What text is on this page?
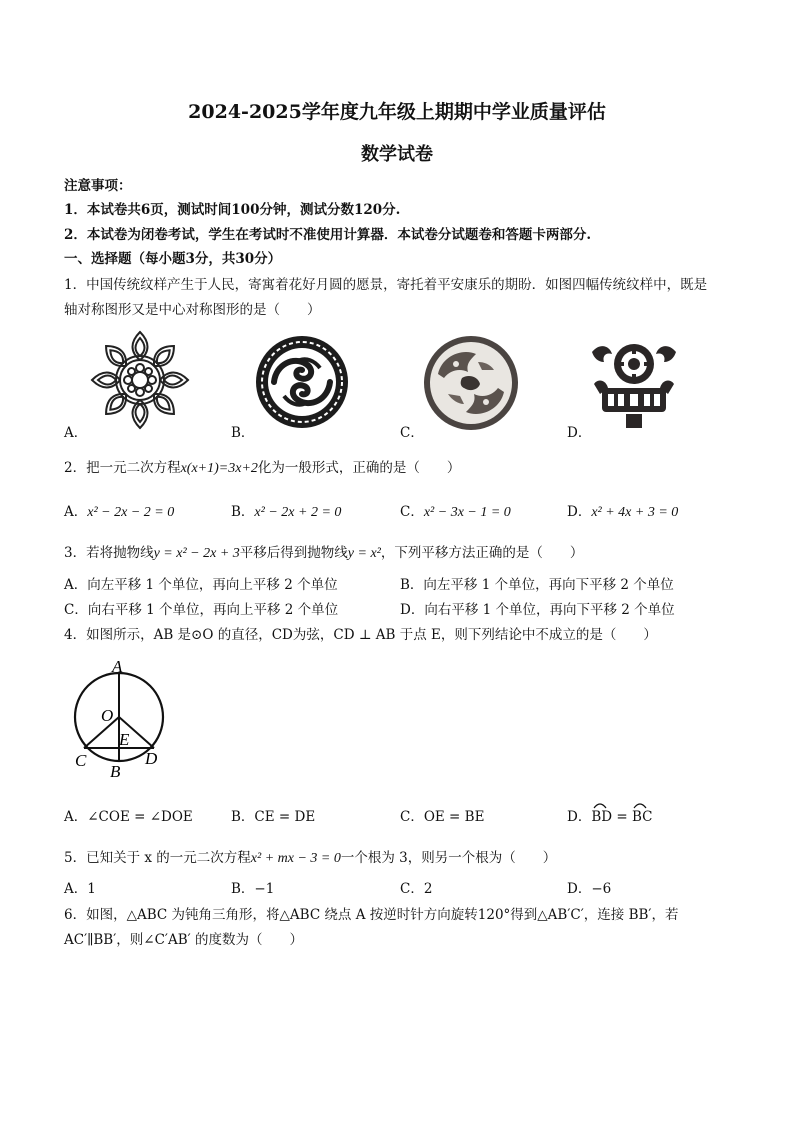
2024-2025学年度九年级上期期中学业质量评估
数学试卷
注意事项：
1．本试卷共6页，测试时间100分钟，测试分数120分.
2．本试卷为闭卷考试，学生在考试时不准使用计算器．本试卷分试题卷和答题卡两部分.
一、选择题（每小题3分，共30分）
1．中国传统纹样产生于人民，寄寓着花好月圆的愿景，寄托着平安康乐的期盼．如图四幅传统纹样中，既是
轴对称图形又是中心对称图形的是（　　）
A．	B．	C．	D．
2．把一元二次方程x(x+1)=3x+2化为一般形式，正确的是（　　）
A．x² − 2x − 2 = 0	B．x² − 2x + 2 = 0	C．x² − 3x − 1 = 0	D．x² + 4x + 3 = 0
3．若将抛物线y = x² − 2x + 3平移后得到抛物线y = x²，下列平移方法正确的是（　　）
A．向左平移 1 个单位，再向上平移 2 个单位	B．向左平移 1 个单位，再向下平移 2 个单位
C．向右平移 1 个单位，再向上平移 2 个单位	D．向右平移 1 个单位，再向下平移 2 个单位
4．如图所示，AB 是⊙O 的直径，CD为弦，CD ⊥ AB 于点 E，则下列结论中不成立的是（　　）
A
O
E
C
B
D
A．∠COE = ∠DOE	B．CE = DE	C．OE = BE	D．BD = BC
5．已知关于 x 的一元二次方程x² + mx − 3 = 0一个根为 3，则另一个根为（　　）
A．1	B．−1	C．2	D．−6
6．如图，△ABC 为钝角三角形，将△ABC 绕点 A 按逆时针方向旋转120°得到△AB′C′，连接 BB′，若
AC′∥BB′，则∠C′AB′ 的度数为（　　）
